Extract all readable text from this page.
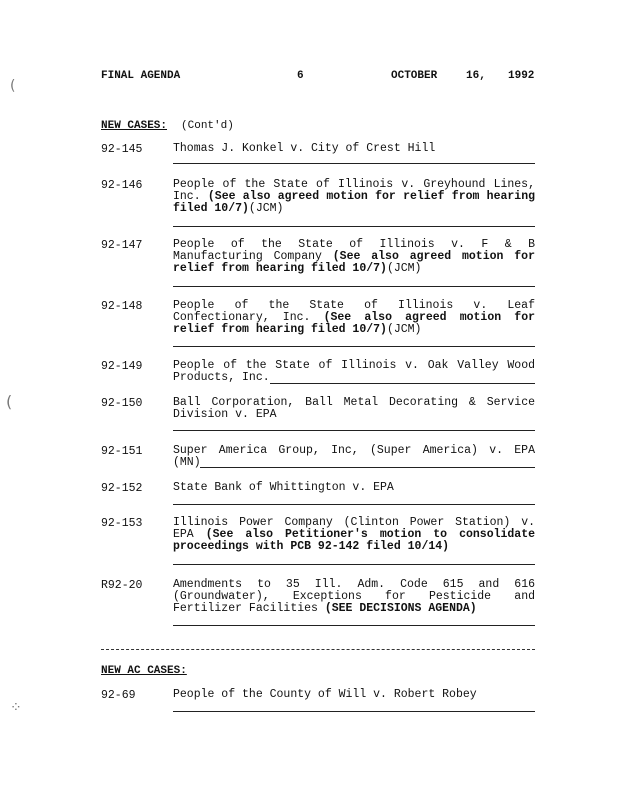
FINAL AGENDA	6	OCTOBER	16, 1992
NEW CASES: (Cont'd)
92-145	Thomas J. Konkel v. City of Crest Hill
92-146	People of the State of Illinois v. Greyhound Lines, Inc. (See also agreed motion for relief from hearing filed 10/7)(JCM)
92-147	People of the State of Illinois v. F & B Manufacturing Company (See also agreed motion for relief from hearing filed 10/7)(JCM)
92-148	People of the State of Illinois v. Leaf Confectionary, Inc. (See also agreed motion for relief from hearing filed 10/7)(JCM)
92-149	People of the State of Illinois v. Oak Valley Wood Products, Inc.
92-150	Ball Corporation, Ball Metal Decorating & Service Division v. EPA
92-151	Super America Group, Inc, (Super America) v. EPA (MN)
92-152	State Bank of Whittington v. EPA
92-153	Illinois Power Company (Clinton Power Station) v. EPA (See also Petitioner's motion to consolidate proceedings with PCB 92-142 filed 10/14)
R92-20	Amendments to 35 Ill. Adm. Code 615 and 616 (Groundwater), Exceptions for Pesticide and Fertilizer Facilities (SEE DECISIONS AGENDA)
NEW AC CASES:
92-69	People of the County of Will v. Robert Robey
(
(
⁘
